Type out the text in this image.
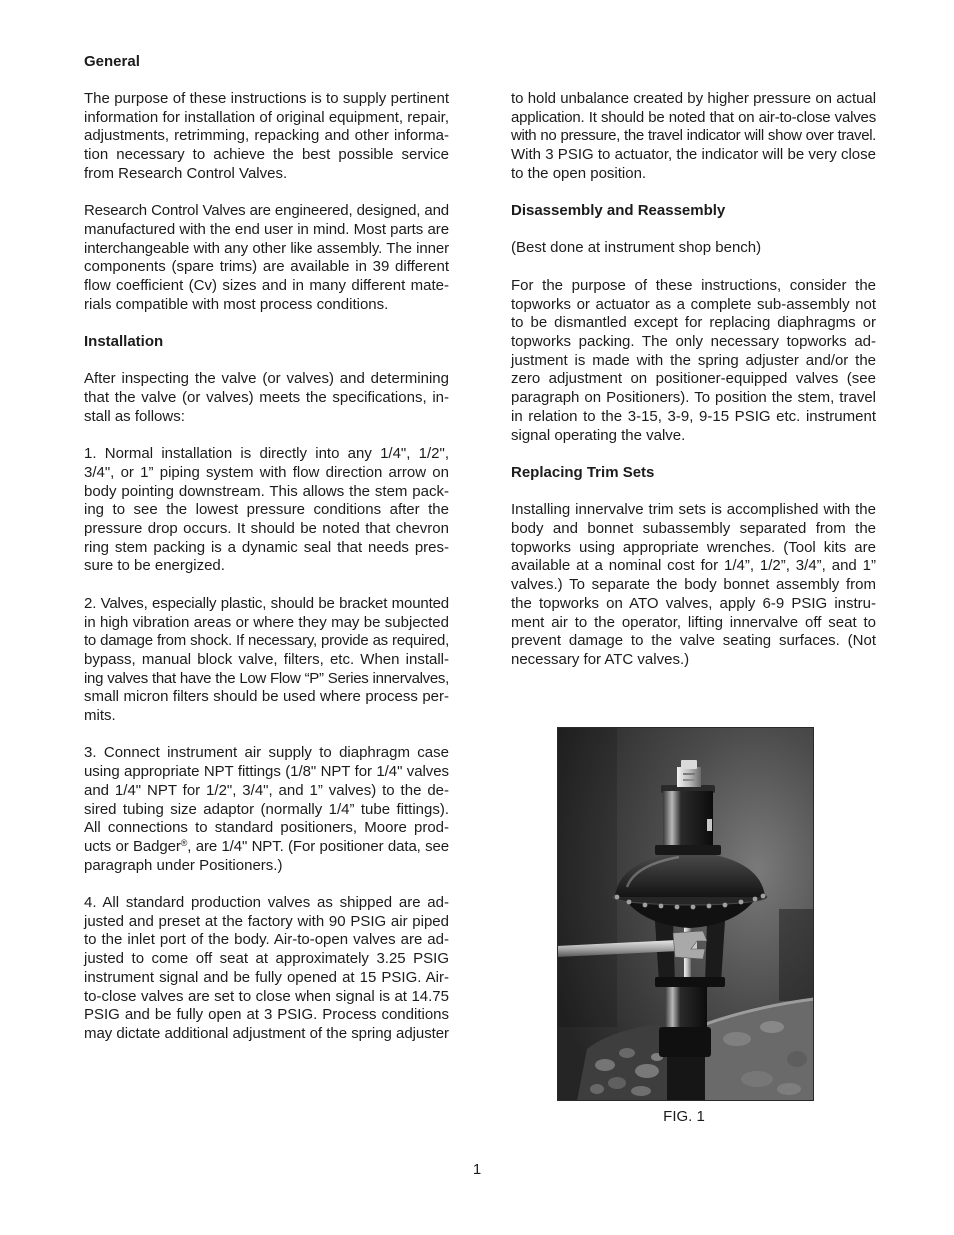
General
The purpose of these instructions is to supply pertinent
information for installation of original equipment, repair,
adjustments, retrimming, repacking and other informa-
tion necessary to achieve the best possible service
from Research Control Valves.
Research Control Valves are engineered, designed, and
manufactured with the end user in mind. Most parts are
interchangeable with any other like assembly. The inner
components (spare trims) are available in 39 different
flow coefficient (Cv) sizes and in many different mate-
rials compatible with most process conditions.
Installation
After inspecting the valve (or valves) and determining
that the valve (or valves) meets the specifications, in-
stall as follows:
1. Normal installation is directly into any 1/4", 1/2",
3/4", or 1” piping system with flow direction arrow on
body pointing downstream. This allows the stem pack-
ing to see the lowest pressure conditions after the
pressure drop occurs. It should be noted that chevron
ring stem packing is a dynamic seal that needs pres-
sure to be energized.
2. Valves, especially plastic, should be bracket mounted
in high vibration areas or where they may be subjected
to damage from shock. If necessary, provide as required,
bypass, manual block valve, filters, etc. When install-
ing valves that have the Low Flow “P” Series innervalves,
small micron filters should be used where process per-
mits.
3. Connect instrument air supply to diaphragm case
using appropriate NPT fittings (1/8" NPT for 1/4" valves
and 1/4" NPT for 1/2", 3/4", and 1” valves) to the de-
sired tubing size adaptor (normally 1/4” tube fittings).
All connections to standard positioners, Moore prod-
ucts or Badger®, are 1/4" NPT. (For positioner data, see
paragraph under Positioners.)
4. All standard production valves as shipped are ad-
justed and preset at the factory with 90 PSIG air piped
to the inlet port of the body. Air-to-open valves are ad-
justed to come off seat at approximately 3.25 PSIG
instrument signal and be fully opened at 15 PSIG. Air-
to-close valves are set to close when signal is at 14.75
PSIG and be fully open at 3 PSIG. Process conditions
may dictate additional adjustment of the spring adjuster
to hold unbalance created by higher pressure on actual
application. It should be noted that on air-to-close valves
with no pressure, the travel indicator will show over travel.
With 3 PSIG to actuator, the indicator will be very close
to the open position.
Disassembly and Reassembly
(Best done at instrument shop bench)
For the purpose of these instructions, consider the
topworks or actuator as a complete sub-assembly not
to be dismantled except for replacing diaphragms or
topworks packing. The only necessary topworks ad-
justment is made with the spring adjuster and/or the
zero adjustment on positioner-equipped valves (see
paragraph on Positioners). To position the stem, travel
in relation to the 3-15, 3-9, 9-15 PSIG etc. instrument
signal operating the valve.
Replacing Trim Sets
Installing innervalve trim sets is accomplished with the
body and bonnet subassembly separated from the
topworks using appropriate wrenches. (Tool kits are
available at a nominal cost for 1/4”, 1/2”, 3/4”, and 1”
valves.) To separate the body bonnet assembly from
the topworks on ATO valves, apply 6-9 PSIG instru-
ment air to the operator, lifting innervalve off seat to
prevent damage to the valve seating surfaces. (Not
necessary for ATC valves.)
FIG. 1
1
